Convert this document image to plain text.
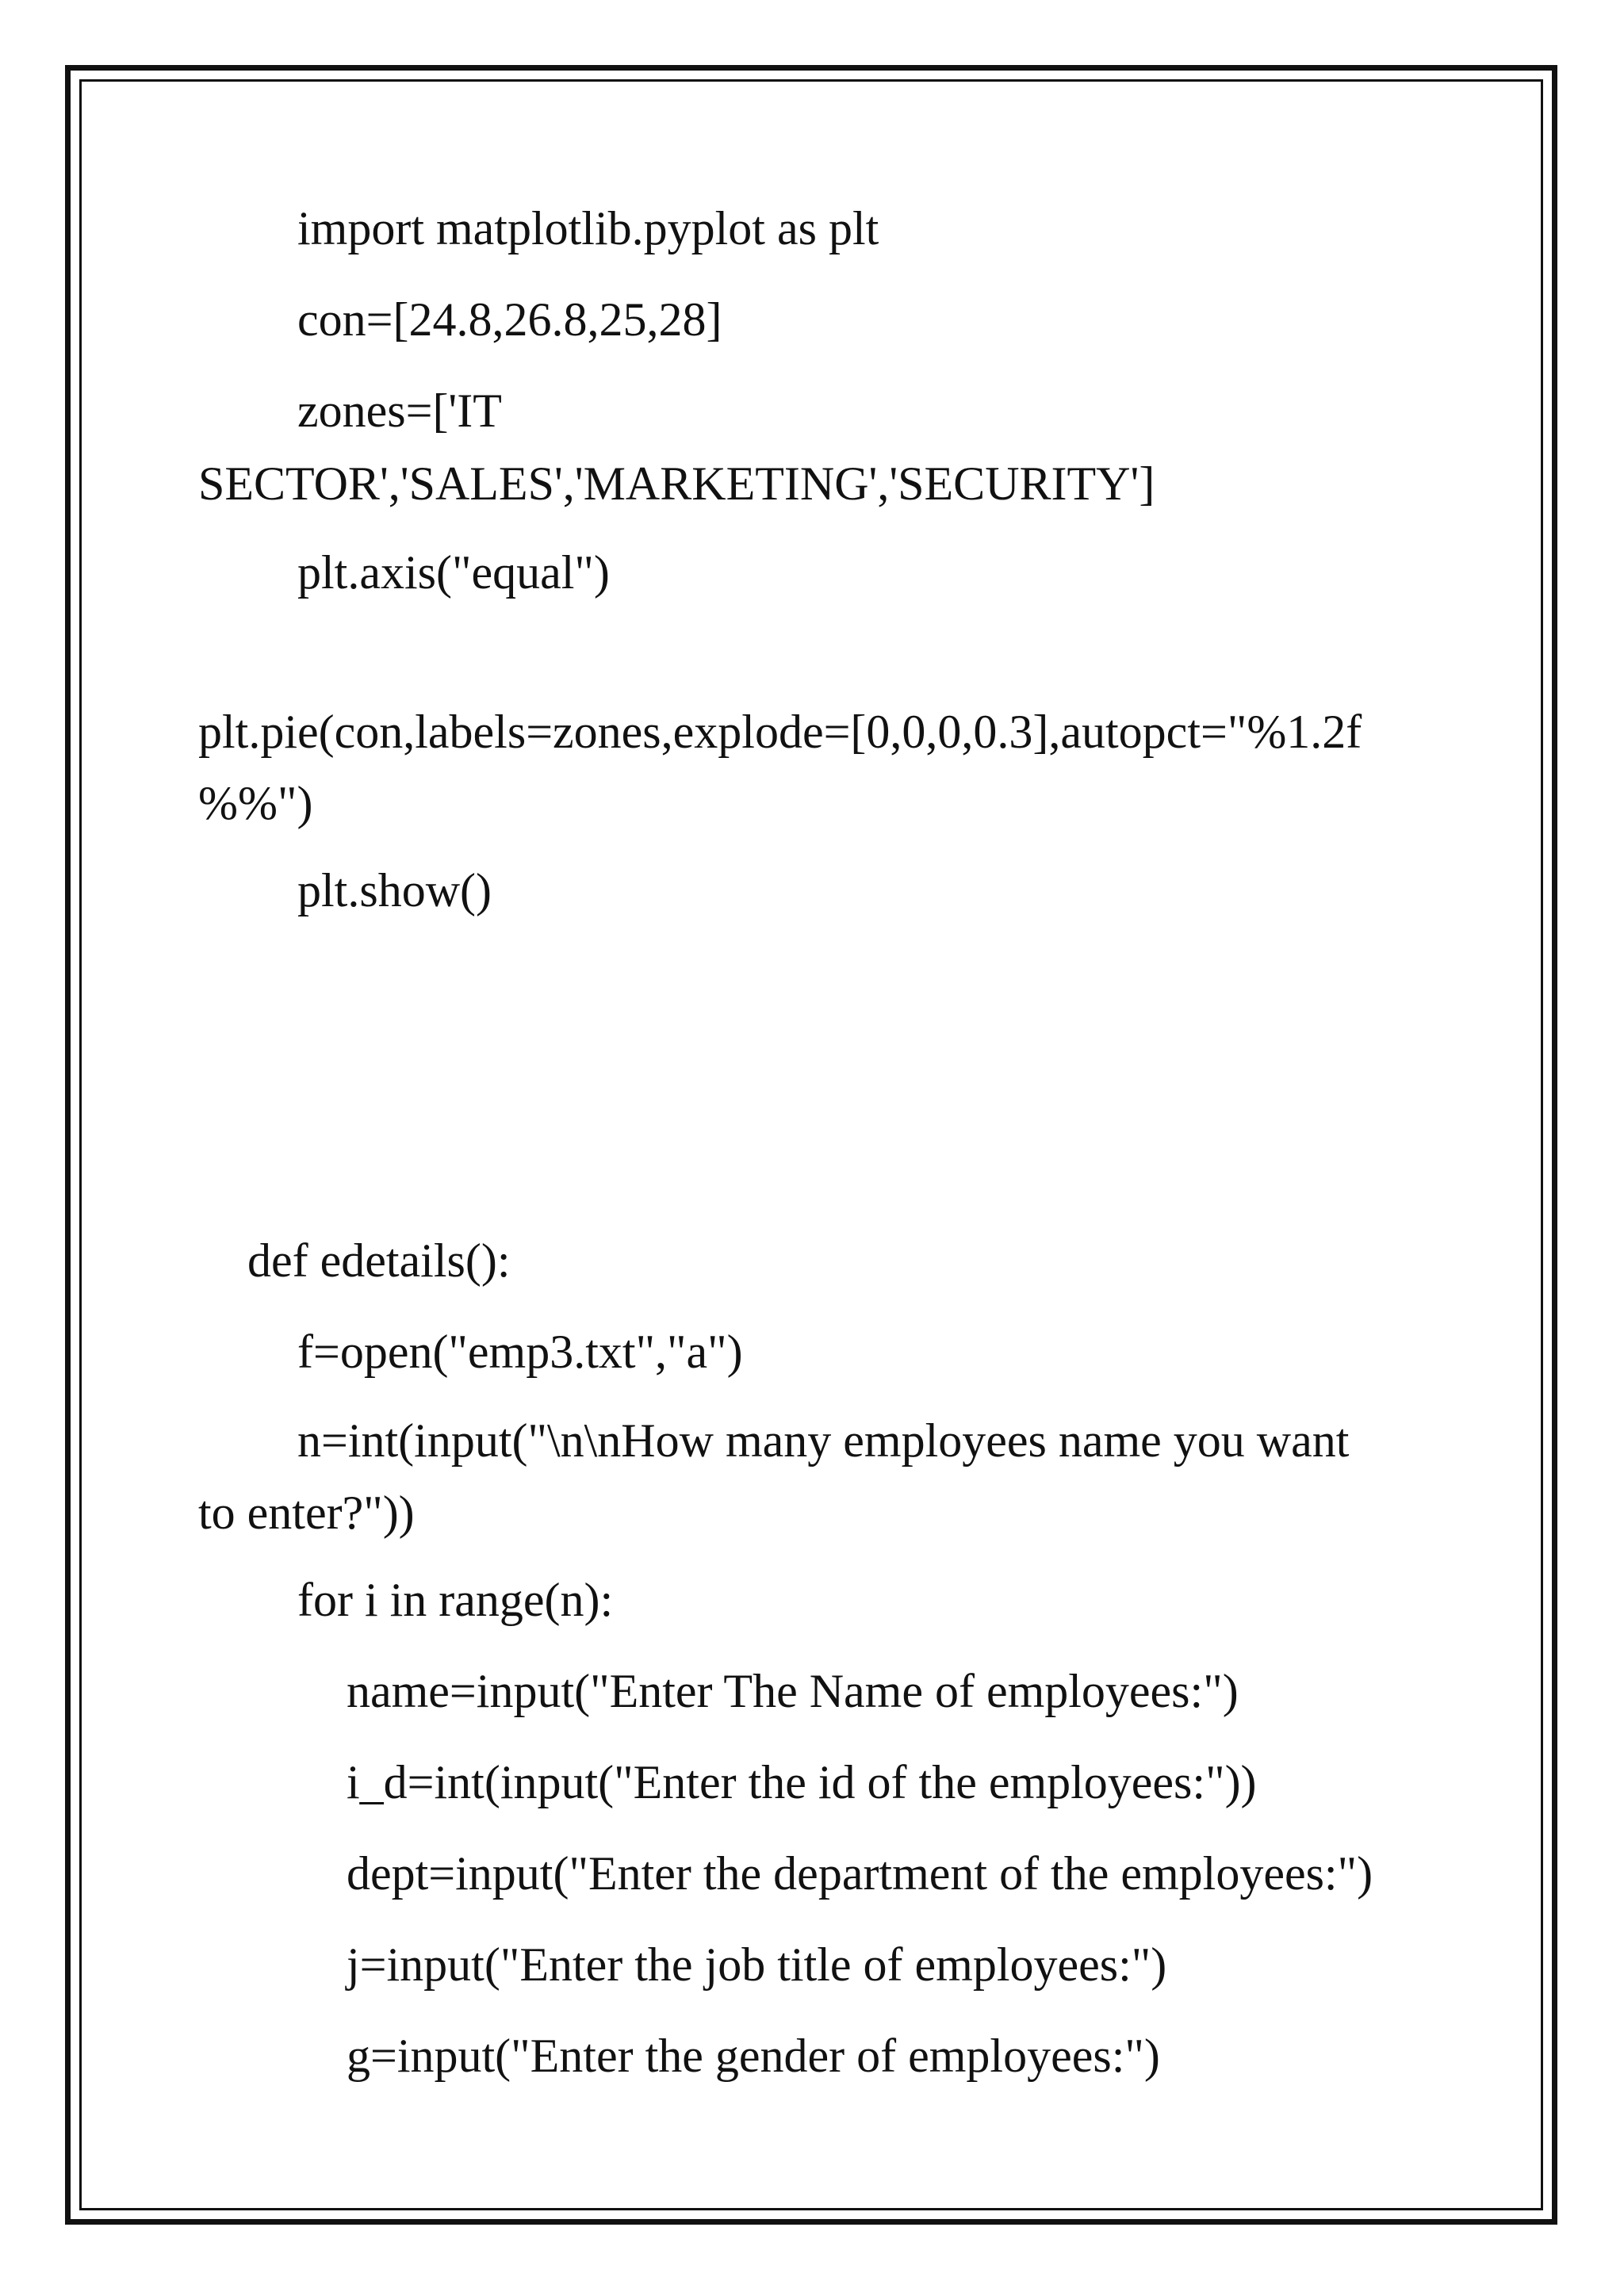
import matplotlib.pyplot as plt

con=[24.8,26.8,25,28]

zones=['IT

SECTOR','SALES','MARKETING','SECURITY']

plt.axis("equal")

plt.pie(con,labels=zones,explode=[0,0,0,0.3],autopct="%1.2f

%%")

plt.show()

def edetails():

f=open("emp3.txt","a")

n=int(input("\n\nHow many employees name you want

to enter?"))

for i in range(n):

name=input("Enter The Name of employees:")

i_d=int(input("Enter the id of the employees:"))

dept=input("Enter the department of the employees:")

j=input("Enter the job title of employees:")

g=input("Enter the gender of employees:")
